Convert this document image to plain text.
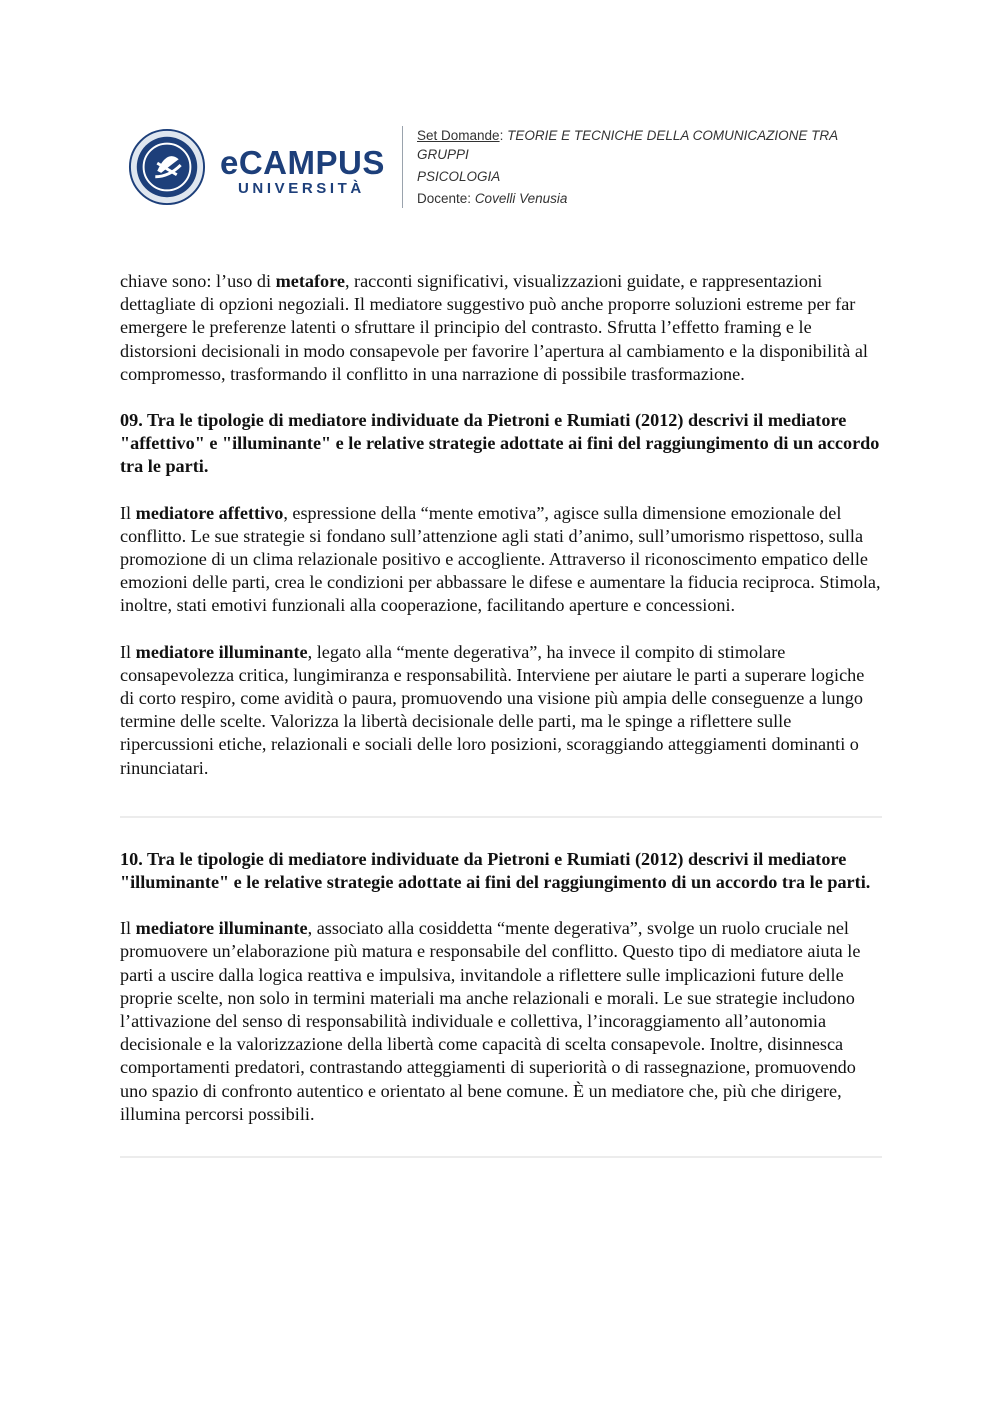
eCAMPUS
UNIVERSITÀ
Set Domande: TEORIE E TECNICHE DELLA COMUNICAZIONE TRA
GRUPPI
PSICOLOGIA
Docente: Covelli Venusia

chiave sono: l’uso di metafore, racconti significativi, visualizzazioni guidate, e rappresentazioni dettagliate di opzioni negoziali. Il mediatore suggestivo può anche proporre soluzioni estreme per far emergere le preferenze latenti o sfruttare il principio del contrasto. Sfrutta l’effetto framing e le distorsioni decisionali in modo consapevole per favorire l’apertura al cambiamento e la disponibilità al compromesso, trasformando il conflitto in una narrazione di possibile trasformazione.

09. Tra le tipologie di mediatore individuate da Pietroni e Rumiati (2012) descrivi il mediatore "affettivo" e "illuminante" e le relative strategie adottate ai fini del raggiungimento di un accordo tra le parti.

Il mediatore affettivo, espressione della “mente emotiva”, agisce sulla dimensione emozionale del conflitto. Le sue strategie si fondano sull’attenzione agli stati d’animo, sull’umorismo rispettoso, sulla promozione di un clima relazionale positivo e accogliente. Attraverso il riconoscimento empatico delle emozioni delle parti, crea le condizioni per abbassare le difese e aumentare la fiducia reciproca. Stimola, inoltre, stati emotivi funzionali alla cooperazione, facilitando aperture e concessioni.

Il mediatore illuminante, legato alla “mente degerativa”, ha invece il compito di stimolare consapevolezza critica, lungimiranza e responsabilità. Interviene per aiutare le parti a superare logiche di corto respiro, come avidità o paura, promuovendo una visione più ampia delle conseguenze a lungo termine delle scelte. Valorizza la libertà decisionale delle parti, ma le spinge a riflettere sulle ripercussioni etiche, relazionali e sociali delle loro posizioni, scoraggiando atteggiamenti dominanti o rinunciatari.

10. Tra le tipologie di mediatore individuate da Pietroni e Rumiati (2012) descrivi il mediatore "illuminante" e le relative strategie adottate ai fini del raggiungimento di un accordo tra le parti.

Il mediatore illuminante, associato alla cosiddetta “mente degerativa”, svolge un ruolo cruciale nel promuovere un’elaborazione più matura e responsabile del conflitto. Questo tipo di mediatore aiuta le parti a uscire dalla logica reattiva e impulsiva, invitandole a riflettere sulle implicazioni future delle proprie scelte, non solo in termini materiali ma anche relazionali e morali. Le sue strategie includono l’attivazione del senso di responsabilità individuale e collettiva, l’incoraggiamento all’autonomia decisionale e la valorizzazione della libertà come capacità di scelta consapevole. Inoltre, disinnesca comportamenti predatori, contrastando atteggiamenti di superiorità o di rassegnazione, promuovendo uno spazio di confronto autentico e orientato al bene comune. È un mediatore che, più che dirigere, illumina percorsi possibili.
